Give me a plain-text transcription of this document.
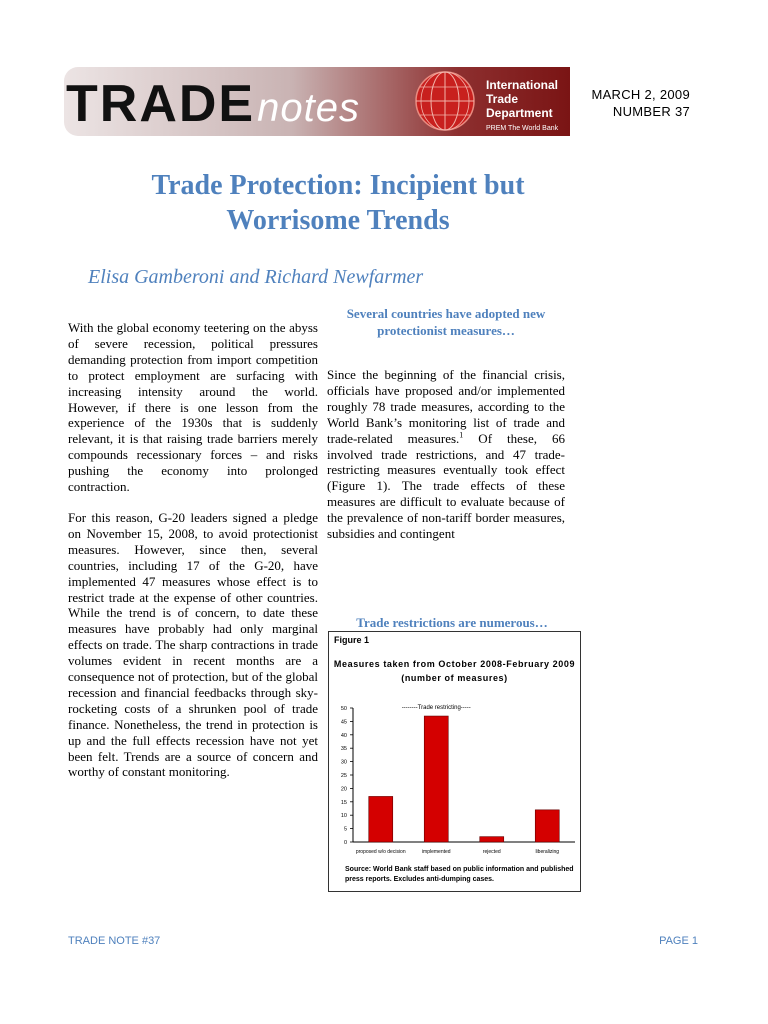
TRADEnotes
International
Trade
Department
PREM The World Bank
MARCH 2, 2009
NUMBER 37
Trade Protection: Incipient but
Worrisome Trends
Elisa Gamberoni and Richard Newfarmer

With the global economy teetering on the abyss of severe recession, political pressures demanding protection from import competition to protect employment are surfacing with increasing intensity around the world. However, if there is one lesson from the experience of the 1930s that is suddenly relevant, it is that raising trade barriers merely compounds recessionary forces – and risks pushing the economy into prolonged contraction.

For this reason, G-20 leaders signed a pledge on November 15, 2008, to avoid protectionist measures. However, since then, several countries, including 17 of the G-20, have implemented 47 measures whose effect is to restrict trade at the expense of other countries. While the trend is of concern, to date these measures have probably had only marginal effects on trade. The sharp contractions in trade volumes evident in recent months are a consequence not of protection, but of the global recession and financial feedbacks through sky-rocketing costs of a shrunken pool of trade finance. Nonetheless, the trend in protection is up and the full effects recession have not yet been felt. Trends are a source of concern and worthy of constant monitoring.

Several countries have adopted new protectionist measures…

Since the beginning of the financial crisis, officials have proposed and/or implemented roughly 78 trade measures, according to the World Bank’s monitoring list of trade and trade-related measures.$^1$ Of these, 66 involved trade restrictions, and 47 trade-restricting measures eventually took effect (Figure 1). The trade effects of these measures are difficult to evaluate because of the prevalence of non-tariff border measures, subsidies and contingent

Trade restrictions are numerous…
Figure 1
Measures taken from October 2008-February 2009
(number of measures)
0
5
10
15
20
25
30
35
40
45
50
proposed w/o decision	implemented	rejected	liberalizing
--------Trade restricting-----
Source: World Bank staff based on public information and published press reports. Excludes anti-dumping cases.
TRADE NOTE #37	PAGE 1
